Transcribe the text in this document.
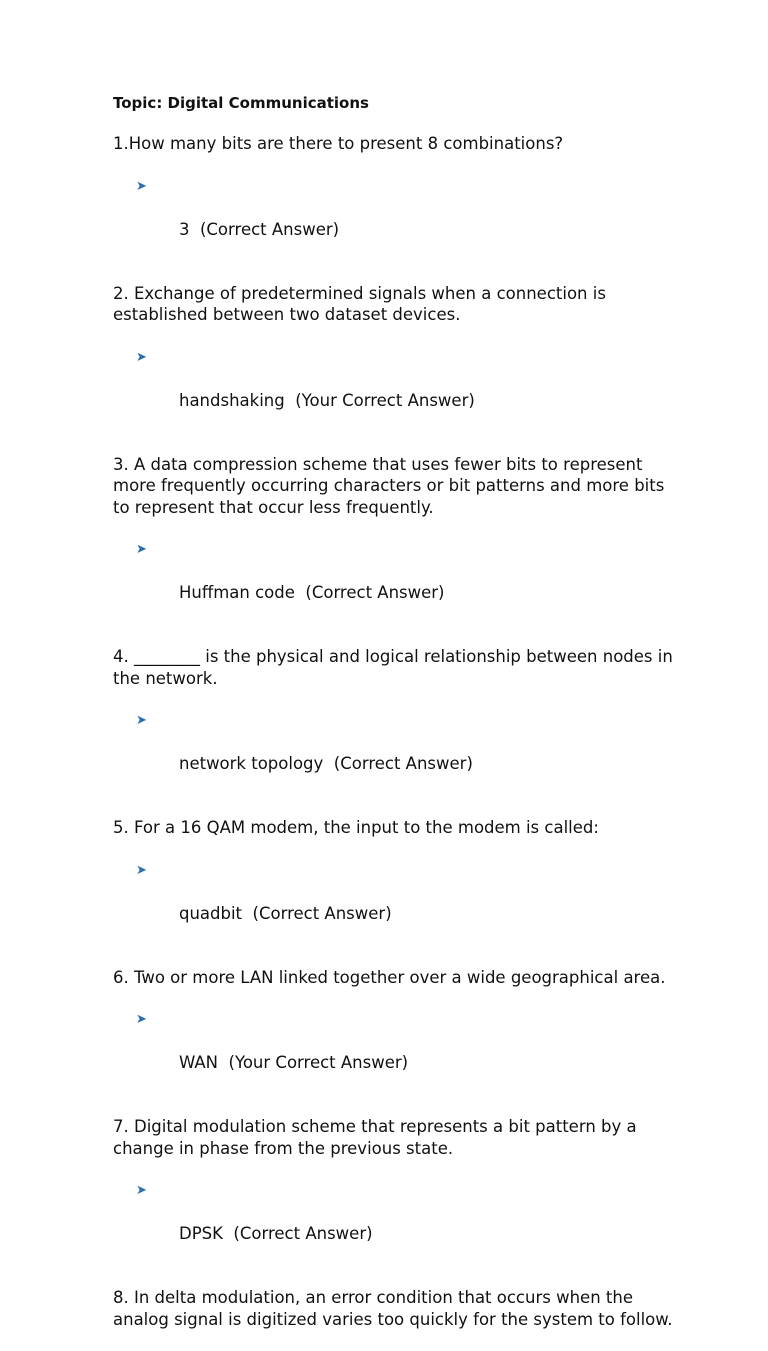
Topic: Digital Communications
1.How many bits are there to present 8 combinations?

➤

3  (Correct Answer)

2. Exchange of predetermined signals when a connection is established between two dataset devices.

➤

handshaking  (Your Correct Answer)

3. A data compression scheme that uses fewer bits to represent more frequently occurring characters or bit patterns and more bits to represent that occur less frequently.

➤

Huffman code  (Correct Answer)

4. ________ is the physical and logical relationship between nodes in the network.

➤

network topology  (Correct Answer)

5. For a 16 QAM modem, the input to the modem is called:

➤

quadbit  (Correct Answer)

6. Two or more LAN linked together over a wide geographical area.

➤

WAN  (Your Correct Answer)

7. Digital modulation scheme that represents a bit pattern by a change in phase from the previous state.

➤

DPSK  (Correct Answer)

8. In delta modulation, an error condition that occurs when the analog signal is digitized varies too quickly for the system to follow.
